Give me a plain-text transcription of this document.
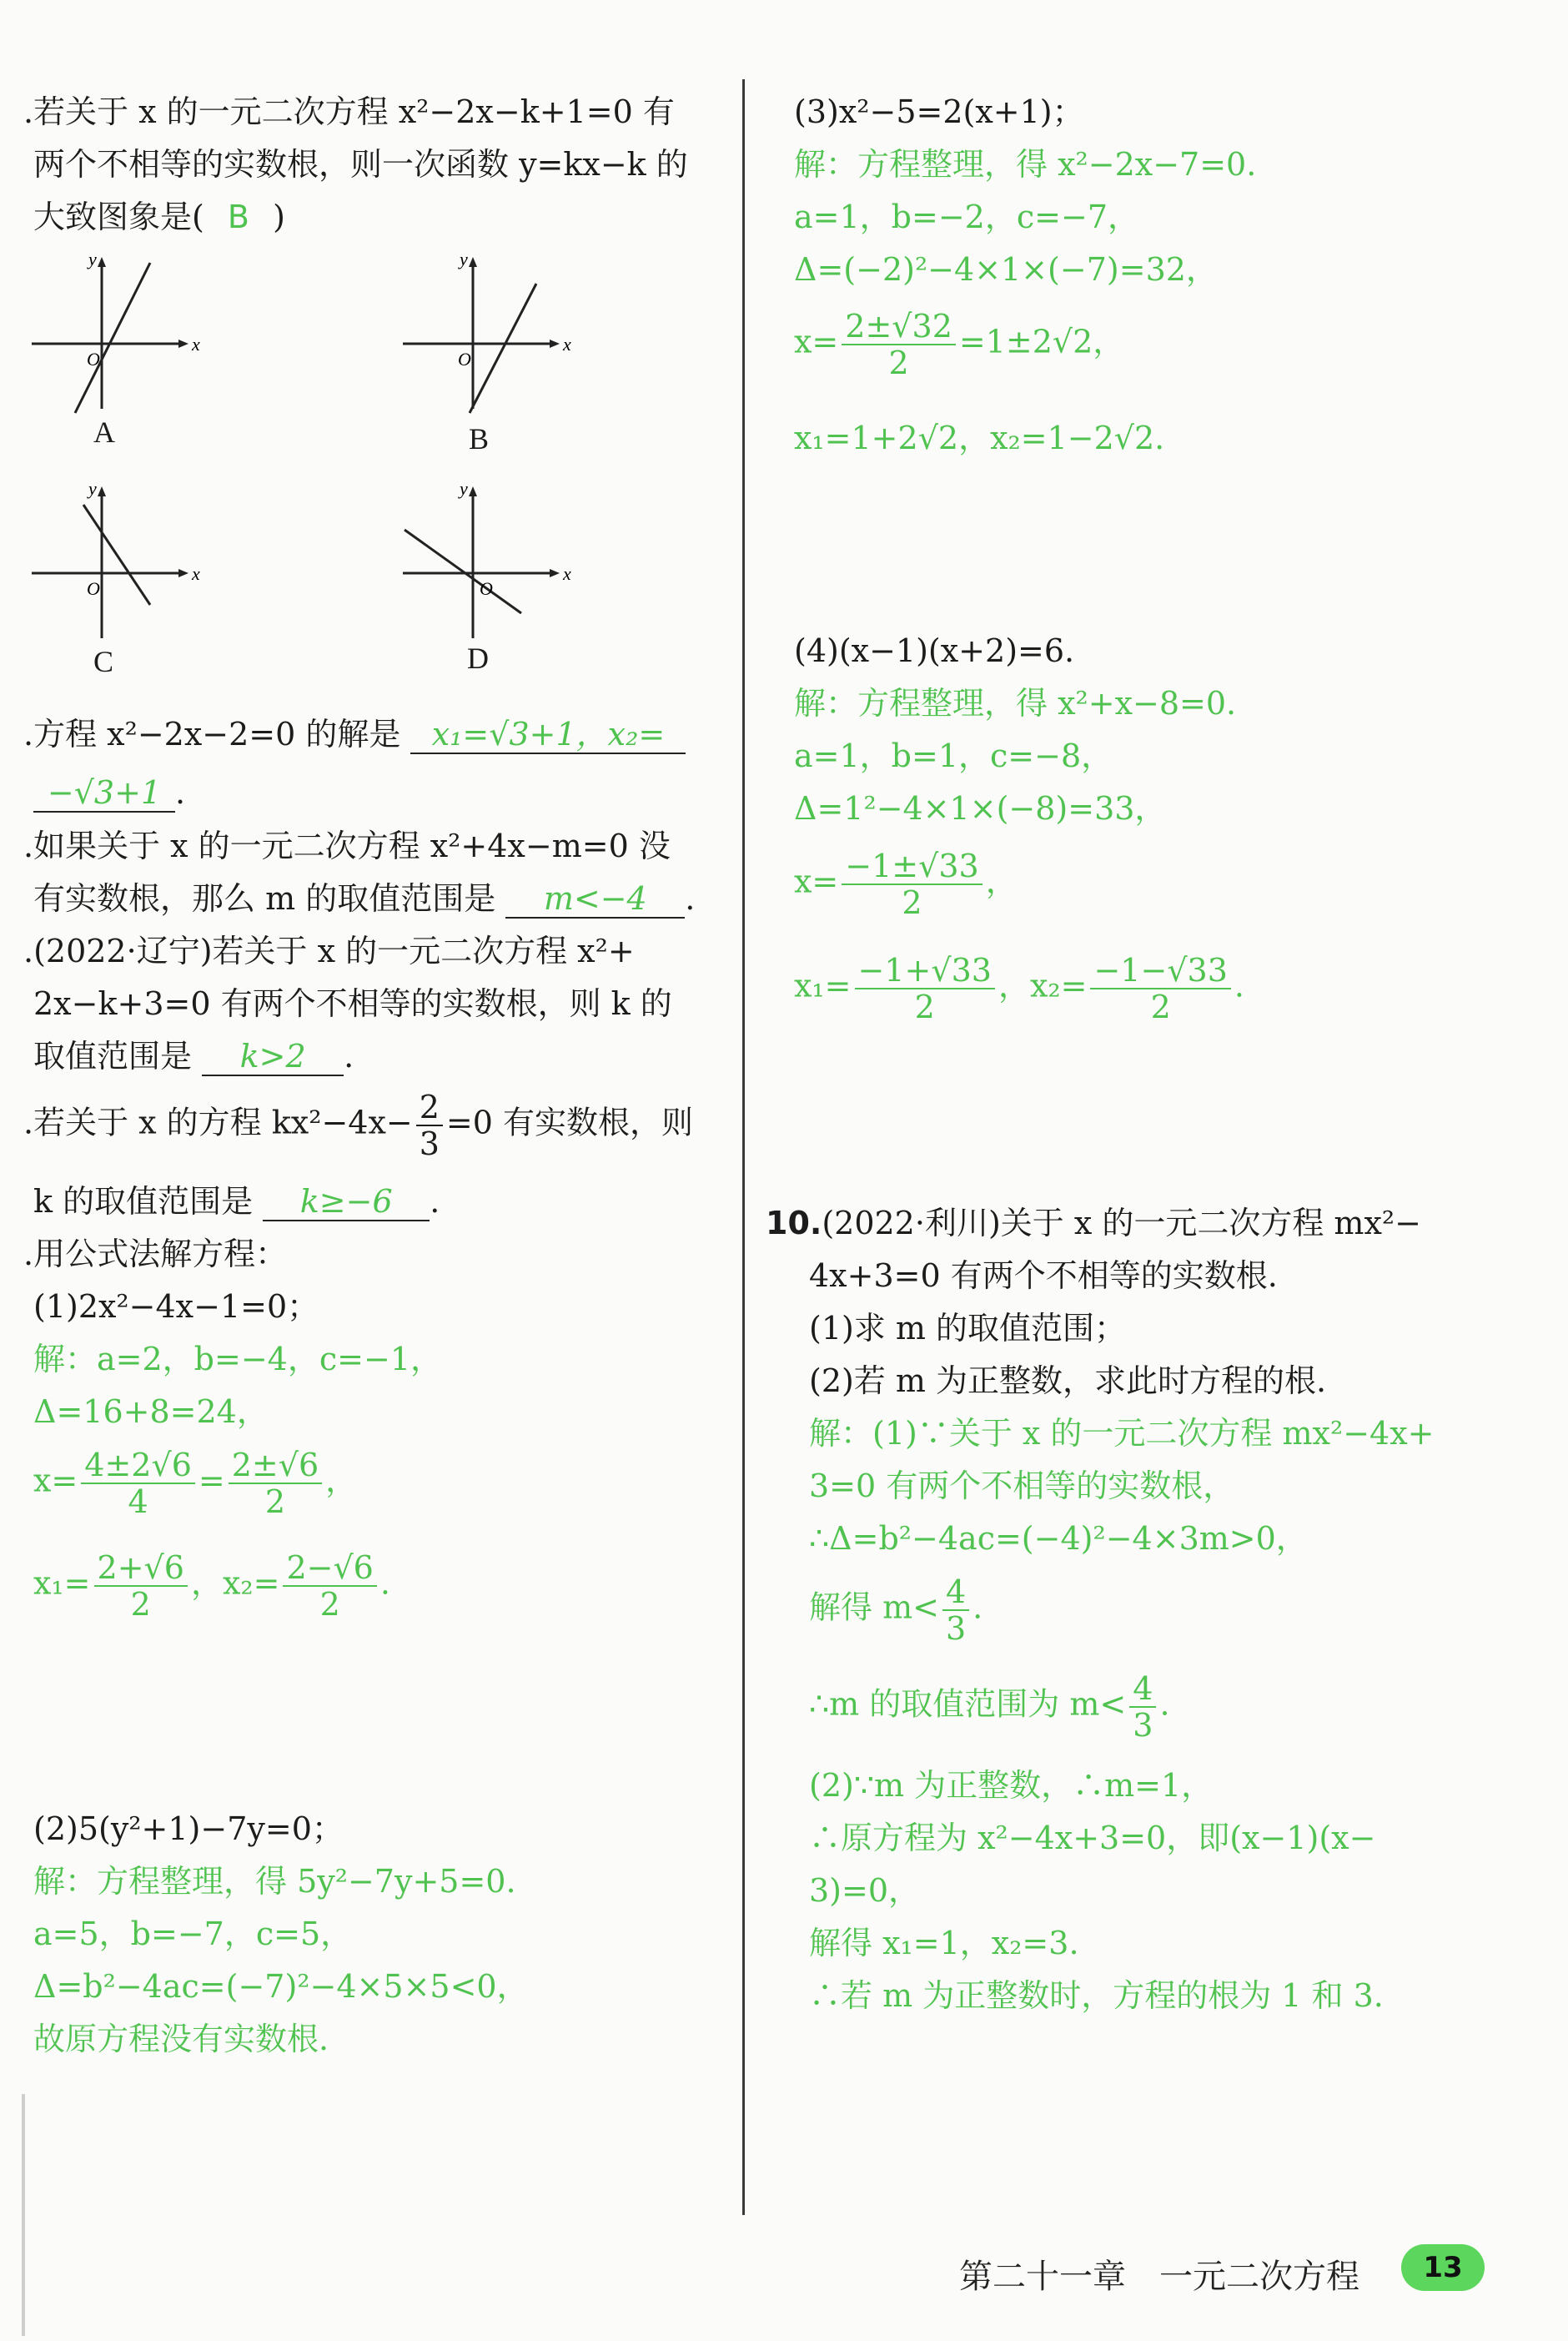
.若关于 x 的一元二次方程 x²−2x−k+1=0 有
两个不相等的实数根，则一次函数 y=kx−k 的
大致图象是( B )
x
y
O
A
x
y
O
B
x
y
O
C
x
y
O
D
.方程 x²−2x−2=0 的解是 x₁=√3+1，x₂=
−√3+1 .
.如果关于 x 的一元二次方程 x²+4x−m=0 没
有实数根，那么 m 的取值范围是 m<−4 .
.(2022·辽宁)若关于 x 的一元二次方程 x²+
2x−k+3=0 有两个不相等的实数根，则 k 的
取值范围是 k>2 .
.若关于 x 的方程 $kx^2-4x- \frac{2}{3} =0$ 有实数根，则
k 的取值范围是 k≥−6 .
.用公式法解方程：
(1)2x²−4x−1=0；
解：a=2，b=−4，c=−1，
Δ=16+8=24，
$x= \frac{4\pm 2√6}{4} = \frac{2\pm√6}{2}$ ，
$x_1= \frac{2+√6}{2}$ ，$x_2= \frac{2-√6}{2}$ .
(2)5(y²+1)−7y=0；
解：方程整理，得 5y²−7y+5=0.
a=5，b=−7，c=5，
Δ=b²−4ac=(−7)²−4×5×5<0，
故原方程没有实数根.
(3)x²−5=2(x+1)；
解：方程整理，得 x²−2x−7=0.
a=1，b=−2，c=−7，
Δ=(−2)²−4×1×(−7)=32，
$x= \frac{2\pm√32}{2} =1\pm 2√2$，
x₁=1+2√2，x₂=1−2√2.
(4)(x−1)(x+2)=6.
解：方程整理，得 x²+x−8=0.
a=1，b=1，c=−8，
Δ=1²−4×1×(−8)=33，
$x= \frac{-1\pm√33}{2}$ ，
$x_1= \frac{-1+√33}{2}$ ，$x_2= \frac{-1-√33}{2}$ .
10.(2022·利川)关于 x 的一元二次方程 mx²−
4x+3=0 有两个不相等的实数根.
(1)求 m 的取值范围；
(2)若 m 为正整数，求此时方程的根.
解：(1)∵关于 x 的一元二次方程 mx²−4x+
3=0 有两个不相等的实数根，
∴Δ=b²−4ac=(−4)²−4×3m>0，
解得 $m< \frac{4}{3}$ .
∴m 的取值范围为 $m< \frac{4}{3}$ .
(2)∵m 为正整数，∴m=1，
∴原方程为 x²−4x+3=0，即(x−1)(x−
3)=0，
解得 x₁=1，x₂=3.
∴若 m 为正整数时，方程的根为 1 和 3.
第二十一章　一元二次方程	13
